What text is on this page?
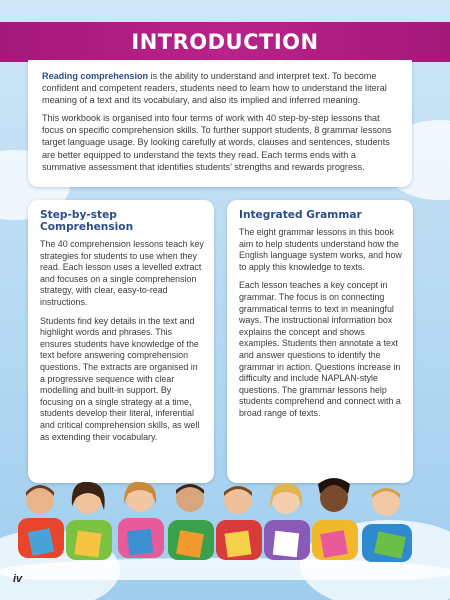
INTRODUCTION

Reading comprehension is the ability to understand and interpret text. To become confident and competent readers, students need to learn how to understand the literal meaning of a text and its vocabulary, and also its implied and inferred meaning.

This workbook is organised into four terms of work with 40 step-by-step lessons that focus on specific comprehension skills. To further support students, 8 grammar lessons target language usage. By looking carefully at words, clauses and sentences, students are better equipped to understand the texts they read. Each terms ends with a summative assessment that identifies students’ strengths and rewards progress.

Step-by-step Comprehension

The 40 comprehension lessons teach key strategies for students to use when they read. Each lesson uses a levelled extract and focuses on a single comprehension strategy, with clear, easy-to-read instructions.

Students find key details in the text and highlight words and phrases. This ensures students have knowledge of the text before answering comprehension questions. The extracts are organised in a progressive sequence with clear modelling and built-in support. By focusing on a single strategy at a time, students develop their literal, inferential and critical comprehension skills, as well as extending their vocabulary.

Integrated Grammar

The eight grammar lessons in this book aim to help students understand how the English language system works, and how to apply this knowledge to texts.

Each lesson teaches a key concept in grammar. The focus is on connecting grammatical terms to text in meaningful ways. The instructional information box explains the concept and shows examples. Students then annotate a text and answer questions to identify the grammar in action. Questions increase in difficulty and include NAPLAN-style questions. The grammar lessons help students comprehend and connect with a broad range of texts.

iv
